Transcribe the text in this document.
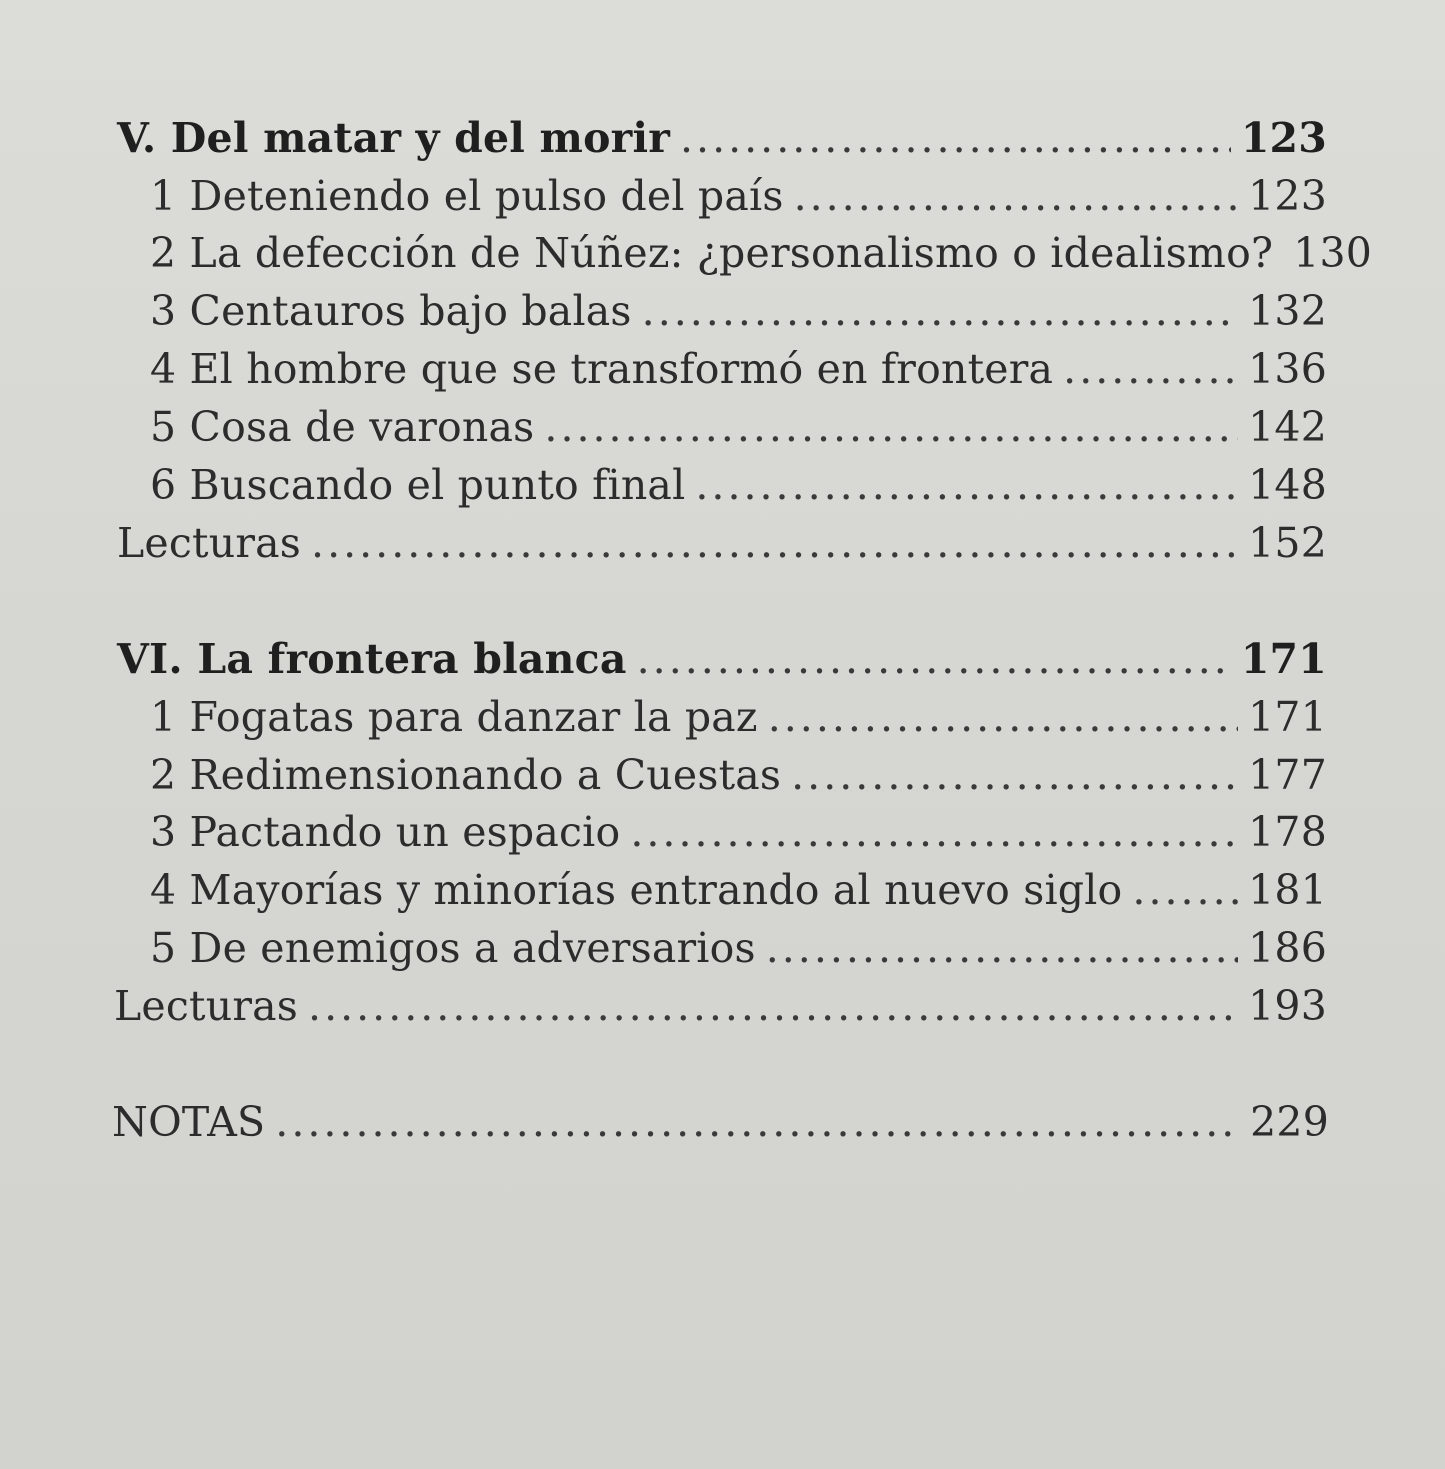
V. Del matar y del morir .....	123
1 Deteniendo el pulso del país .....	123
2 La defección de Núñez: ¿personalismo o idealismo? 130
3 Centauros bajo balas .....	132
4 El hombre que se transformó en frontera .....	136
5 Cosa de varonas .....	142
6 Buscando el punto final .....	148
Lecturas .....	152
VI. La frontera blanca .....	171
1 Fogatas para danzar la paz .....	171
2 Redimensionando a Cuestas .....	177
3 Pactando un espacio .....	178
4 Mayorías y minorías entrando al nuevo siglo .....	181
5 De enemigos a adversarios .....	186
Lecturas .....	193
NOTAS .....	229
